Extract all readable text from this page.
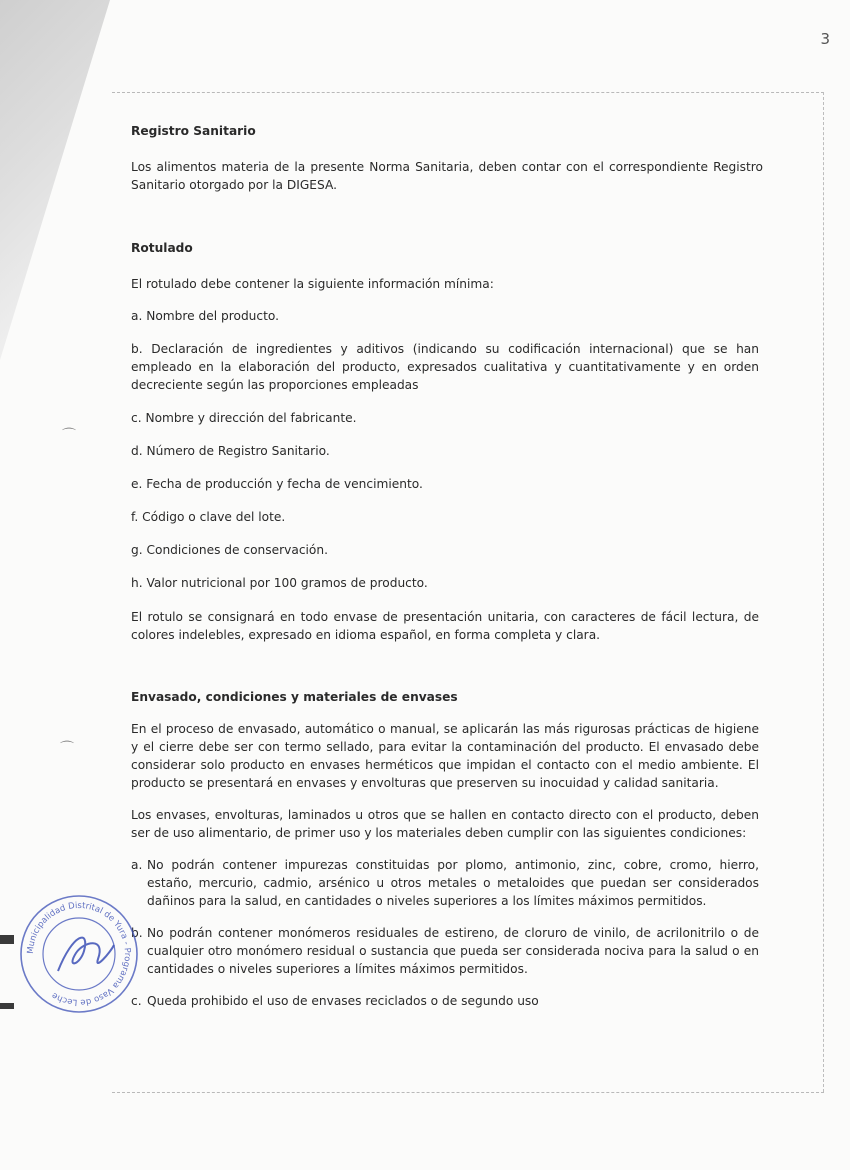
3
⌒
⌒

Registro Sanitario

Los alimentos materia de la presente Norma Sanitaria, deben contar con el correspondiente Registro Sanitario otorgado por la DIGESA.

Rotulado

El rotulado debe contener la siguiente información mínima:

a. Nombre del producto.

b. Declaración de ingredientes y aditivos (indicando su codificación internacional) que se han empleado en la elaboración del producto, expresados cualitativa y cuantitativamente y en orden decreciente según las proporciones empleadas

c. Nombre y dirección del fabricante.

d. Número de Registro Sanitario.

e. Fecha de producción y fecha de vencimiento.

f. Código o clave del lote.

g. Condiciones de conservación.

h. Valor nutricional por 100 gramos de producto.

El rotulo se consignará en todo envase de presentación unitaria, con caracteres de fácil lectura, de colores indelebles, expresado en idioma español, en forma completa y clara.

Envasado, condiciones y materiales de envases

En el proceso de envasado, automático o manual, se aplicarán las más rigurosas prácticas de higiene y el cierre debe ser con termo sellado, para evitar la contaminación del producto. El envasado debe considerar solo producto en envases herméticos que impidan el contacto con el medio ambiente. El producto se presentará en envases y envolturas que preserven su inocuidad y calidad sanitaria.

Los envases, envolturas, laminados u otros que se hallen en contacto directo con el producto, deben ser de uso alimentario, de primer uso y los materiales deben cumplir con las siguientes condiciones:

a. No podrán contener impurezas constituidas por plomo, antimonio, zinc, cobre, cromo, hierro, estaño, mercurio, cadmio, arsénico u otros metales o metaloides que puedan ser considerados dañinos para la salud, en cantidades o niveles superiores a los límites máximos permitidos.
b. No podrán contener monómeros residuales de estireno, de cloruro de vinilo, de acrilonitrilo o de cualquier otro monómero residual o sustancia que pueda ser considerada nociva para la salud o en cantidades o niveles superiores a límites máximos permitidos.
c. Queda prohibido el uso de envases reciclados o de segundo uso
Municipalidad Distrital de Yura - Programa Vaso de Leche
